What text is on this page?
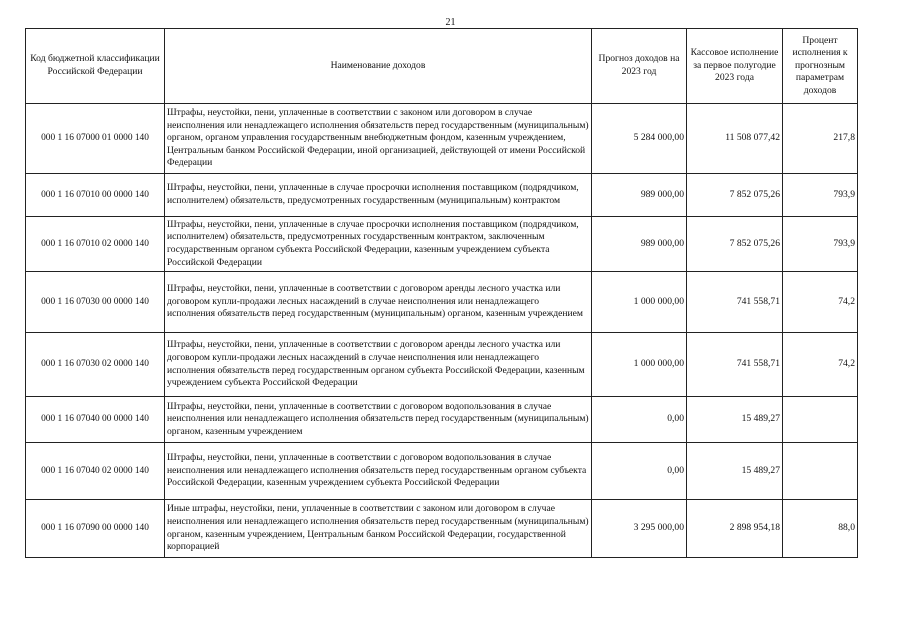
21
Код бюджетной классификации Российской Федерации	Наименование доходов	Прогноз доходов на 2023 год	Кассовое исполнение за первое полугодие 2023 года	Процент исполнения к прогнозным параметрам доходов
000 1 16 07000 01 0000 140	Штрафы, неустойки, пени, уплаченные в соответствии с законом или договором в случае неисполнения или ненадлежащего исполнения обязательств перед государственным (муниципальным) органом, органом управления государственным внебюджетным фондом, казенным учреждением, Центральным банком Российской Федерации, иной организацией, действующей от имени Российской Федерации	5 284 000,00	11 508 077,42	217,8
000 1 16 07010 00 0000 140	Штрафы, неустойки, пени, уплаченные в случае просрочки исполнения поставщиком (подрядчиком, исполнителем) обязательств, предусмотренных государственным (муниципальным) контрактом	989 000,00	7 852 075,26	793,9
000 1 16 07010 02 0000 140	Штрафы, неустойки, пени, уплаченные в случае просрочки исполнения поставщиком (подрядчиком, исполнителем) обязательств, предусмотренных государственным контрактом, заключенным государственным органом субъекта Российской Федерации, казенным учреждением субъекта Российской Федерации	989 000,00	7 852 075,26	793,9
000 1 16 07030 00 0000 140	Штрафы, неустойки, пени, уплаченные в соответствии с договором аренды лесного участка или договором купли-продажи лесных насаждений в случае неисполнения или ненадлежащего исполнения обязательств перед государственным (муниципальным) органом, казенным учреждением	1 000 000,00	741 558,71	74,2
000 1 16 07030 02 0000 140	Штрафы, неустойки, пени, уплаченные в соответствии с договором аренды лесного участка или договором купли-продажи лесных насаждений в случае неисполнения или ненадлежащего исполнения обязательств перед государственным органом субъекта Российской Федерации, казенным учреждением субъекта Российской Федерации	1 000 000,00	741 558,71	74,2
000 1 16 07040 00 0000 140	Штрафы, неустойки, пени, уплаченные в соответствии с договором водопользования в случае неисполнения или ненадлежащего исполнения обязательств перед государственным (муниципальным) органом, казенным учреждением	0,00	15 489,27	
000 1 16 07040 02 0000 140	Штрафы, неустойки, пени, уплаченные в соответствии с договором водопользования в случае неисполнения или ненадлежащего исполнения обязательств перед государственным органом субъекта Российской Федерации, казенным учреждением субъекта Российской Федерации	0,00	15 489,27	
000 1 16 07090 00 0000 140	Иные штрафы, неустойки, пени, уплаченные в соответствии с законом или договором в случае неисполнения или ненадлежащего исполнения обязательств перед государственным (муниципальным) органом, казенным учреждением, Центральным банком Российской Федерации, государственной корпорацией	3 295 000,00	2 898 954,18	88,0
